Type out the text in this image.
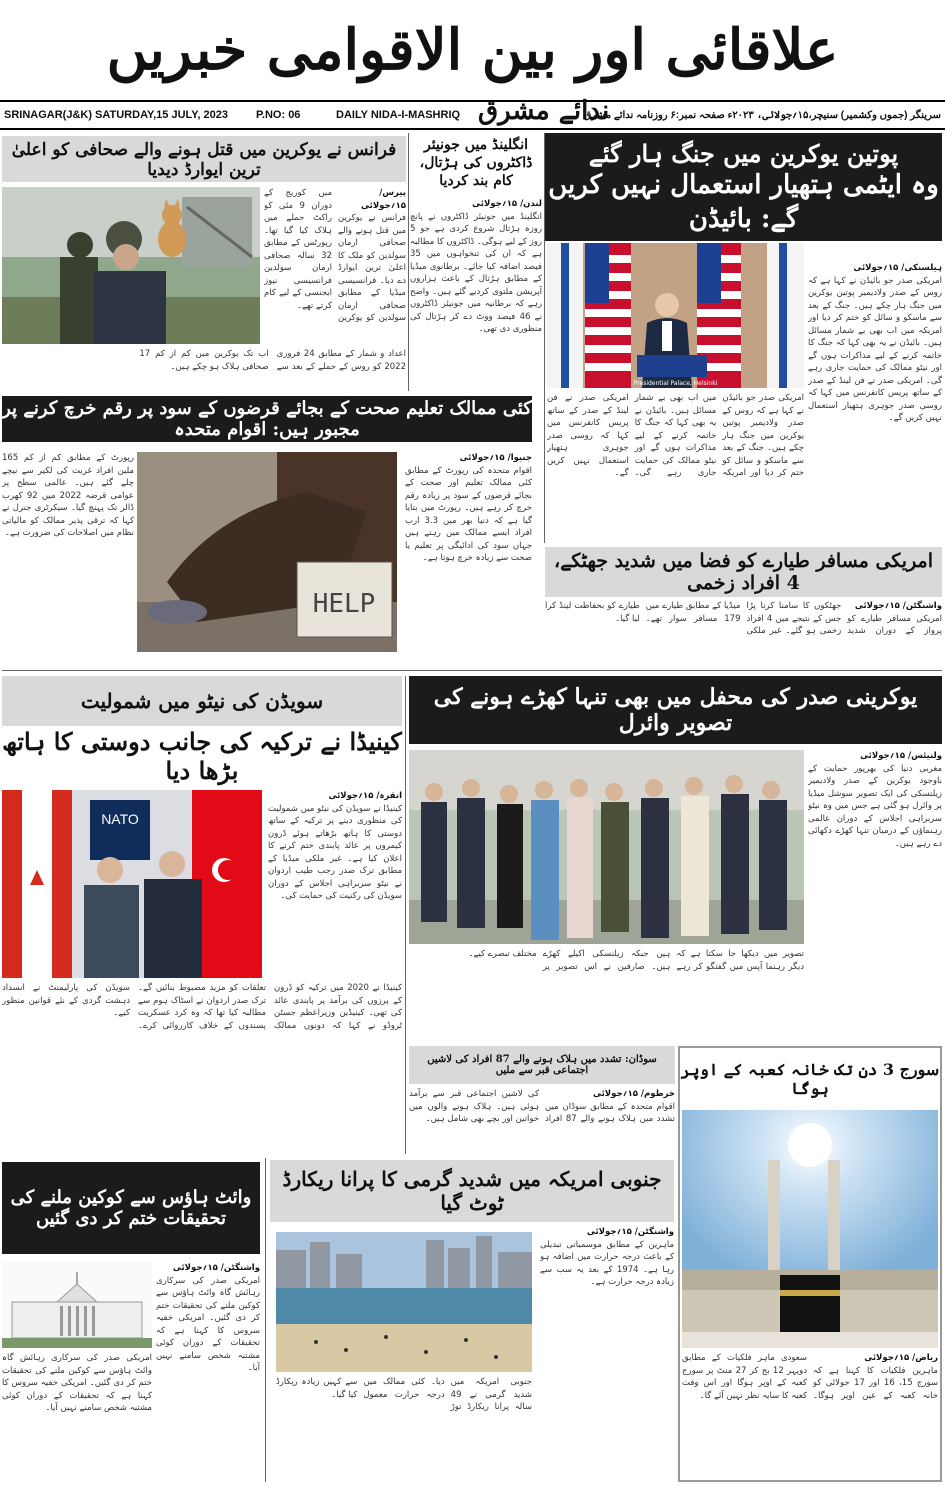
علاقائی اور بین الاقوامی خبریں
SRINAGAR(J&K) SATURDAY,15 JULY, 2023	P.NO: 06	DAILY NIDA-I-MASHRIQ ندائے مشرق
سرینگر (جموں وکشمیر) سنیچر،۱۵؍جولائی، ۲۰۲۳ء صفحہ نمبر:۶ روزنامہ ندائے مشرق
پوتین یوکرین میں جنگ ہار گئے
وہ ایٹمی ہتھیار استعمال نہیں کریں گے: بائیڈن
Presidential Palace, Helsinki
ہیلسنکی/ ۱۵؍جولائی
امریکی صدر جو بائیڈن نے کہا ہے کہ روس کے صدر ولادیمیر پوتین یوکرین میں جنگ ہار چکے ہیں۔ جنگ کے بعد سے ماسکو و سائل کو ختم کر دیا اور امریکہ میں اب بھی بے شمار مسائل ہیں۔ بائیڈن نے یہ بھی کہا کہ جنگ کا خاتمہ کرنے کے لیے مذاکرات ہوں گے اور نیٹو ممالک کی حمایت جاری رہے گی۔ امریکی صدر نے فن لینڈ کے صدر کے ساتھ پریس کانفرنس میں کہا کہ روسی صدر جوہری ہتھیار استعمال نہیں کریں گے۔
امریکی صدر جو بائیڈن نے کہا ہے کہ روس کے صدر ولادیمیر پوتین یوکرین میں جنگ ہار چکے ہیں۔ جنگ کے بعد سے ماسکو و سائل کو ختم کر دیا اور امریکہ میں اب بھی بے شمار مسائل ہیں۔ بائیڈن نے یہ بھی کہا کہ جنگ کا خاتمہ کرنے کے لیے مذاکرات ہوں گے اور نیٹو ممالک کی حمایت جاری رہے گی۔ امریکی صدر نے فن لینڈ کے صدر کے ساتھ پریس کانفرنس میں کہا کہ روسی صدر جوہری ہتھیار استعمال نہیں کریں گے۔
انگلینڈ میں جونیئر ڈاکٹروں کی ہڑتال، کام بند کردیا
لندن/ ۱۵؍جولائی
انگلینڈ میں جونیئر ڈاکٹروں نے پانچ روزہ ہڑتال شروع کردی ہے جو 5 روز کے لیے ہوگی۔ ڈاکٹروں کا مطالبہ ہے کہ ان کی تنخواہوں میں 35 فیصد اضافہ کیا جائے۔ برطانوی میڈیا کے مطابق ہڑتال کے باعث ہزاروں آپریشن ملتوی کردیے گئے ہیں۔ واضح رہے کہ برطانیہ میں جونیئر ڈاکٹروں نے 46 فیصد ووٹ دے کر ہڑتال کی منظوری دی تھی۔
فرانس نے یوکرین میں قتل ہونے والے صحافی کو اعلیٰ ترین ایوارڈ دیدیا
پیرس/ ۱۵؍جولائی
فرانس نے یوکرین میں قتل ہونے والے صحافی ارمان سولدین کو ملک کا اعلیٰ ترین ایوارڈ دے دیا۔ فرانسیسی میڈیا کے مطابق صحافی ارمان سولدین کو یوکرین میں کوریج کے دوران 9 مئی کو راکٹ حملے میں ہلاک کیا گیا تھا۔ رپورٹس کے مطابق 32 سالہ صحافی ارمان سولدین فرانسیسی نیوز ایجنسی کے لیے کام کرتے تھے۔
اعداد و شمار کے مطابق 24 فروری 2022 کو روس کے حملے کے بعد سے اب تک یوکرین میں کم از کم 17 صحافی ہلاک ہو چکے ہیں۔
کئی ممالک تعلیم صحت کے بجائے قرضوں کے سود پر رقم خرچ کرنے پر مجبور ہیں: اقوام متحدہ
HELP
جنیوا/ ۱۵؍جولائی
اقوام متحدہ کی رپورٹ کے مطابق کئی ممالک تعلیم اور صحت کے بجائے قرضوں کے سود پر زیادہ رقم خرچ کر رہے ہیں۔ رپورٹ میں بتایا گیا ہے کہ دنیا بھر میں 3.3 ارب افراد ایسے ممالک میں رہتے ہیں جہاں سود کی ادائیگی پر تعلیم یا صحت سے زیادہ خرچ ہوتا ہے۔
رپورٹ کے مطابق کم از کم 165 ملین افراد غربت کی لکیر سے نیچے چلے گئے ہیں۔ عالمی سطح پر عوامی قرضہ 2022 میں 92 کھرب ڈالر تک پہنچ گیا۔ سیکرٹری جنرل نے کہا کہ ترقی پذیر ممالک کو مالیاتی نظام میں اصلاحات کی ضرورت ہے۔
امریکی مسافر طیارے کو فضا میں شدید جھٹکے، 4 افراد زخمی
واشنگٹن/ ۱۵؍جولائی
امریکی مسافر طیارے کو پرواز کے دوران شدید جھٹکوں کا سامنا کرنا پڑا جس کے نتیجے میں 4 افراد زخمی ہو گئے۔ غیر ملکی میڈیا کے مطابق طیارے میں 179 مسافر سوار تھے۔ طیارے کو بحفاظت لینڈ کرا لیا گیا۔
سویڈن کی نیٹو میں شمولیت
کینیڈا نے ترکیہ کی جانب دوستی کا ہاتھ بڑھا دیا
NATO
انقرہ/ ۱۵؍جولائی
کینیڈا نے سویڈن کی نیٹو میں شمولیت کی منظوری دینے پر ترکیہ کے ساتھ دوستی کا ہاتھ بڑھاتے ہوئے ڈرون کیمروں پر عائد پابندی ختم کرنے کا اعلان کیا ہے۔ غیر ملکی میڈیا کے مطابق ترک صدر رجب طیب اردوان نے نیٹو سربراہی اجلاس کے دوران سویڈن کی رکنیت کی حمایت کی۔
کینیڈا نے 2020 میں ترکیہ کو ڈرون کے پرزوں کی برآمد پر پابندی عائد کی تھی۔ کینیڈین وزیراعظم جسٹن ٹروڈو نے کہا کہ دونوں ممالک تعلقات کو مزید مضبوط بنائیں گے۔ ترک صدر اردوان نے اسٹاک ہوم سے مطالبہ کیا تھا کہ وہ کرد عسکریت پسندوں کے خلاف کارروائی کرے۔ سویڈن کی پارلیمنٹ نے انسداد دہشت گردی کے نئے قوانین منظور کیے۔
یوکرینی صدر کی محفل میں بھی تنہا کھڑے ہونے کی تصویر وائرل
ولنیئس/ ۱۵؍جولائی
مغربی دنیا کی بھرپور حمایت کے باوجود یوکرین کے صدر ولادیمیر زیلنسکی کی ایک تصویر سوشل میڈیا پر وائرل ہو گئی ہے جس میں وہ نیٹو سربراہی اجلاس کے دوران عالمی رہنماؤں کے درمیان تنہا کھڑے دکھائی دے رہے ہیں۔
تصویر میں دیکھا جا سکتا ہے کہ دیگر رہنما آپس میں گفتگو کر رہے ہیں جبکہ زیلنسکی اکیلے کھڑے ہیں۔ صارفین نے اس تصویر پر مختلف تبصرے کیے۔
سوڈان: تشدد میں ہلاک ہونے والے 87 افراد کی لاشیں اجتماعی قبر سے ملیں
خرطوم/ ۱۵؍جولائی
اقوام متحدہ کے مطابق سوڈان میں تشدد میں ہلاک ہونے والے 87 افراد کی لاشیں اجتماعی قبر سے برآمد ہوئی ہیں۔ ہلاک ہونے والوں میں خواتین اور بچے بھی شامل ہیں۔
سورج 3 دن تک خانہ کعبہ کے اوپر ہوگا
ریاض/ ۱۵؍جولائی
ماہرین فلکیات کا کہنا ہے کہ سورج 15، 16 اور 17 جولائی کو خانہ کعبہ کے عین اوپر ہوگا۔ سعودی ماہر فلکیات کے مطابق دوپہر 12 بج کر 27 منٹ پر سورج کعبہ کے اوپر ہوگا اور اس وقت کعبہ کا سایہ نظر نہیں آئے گا۔
وائٹ ہاؤس سے کوکین ملنے کی تحقیقات ختم کر دی گئیں
واشنگٹن/ ۱۵؍جولائی
امریکی صدر کی سرکاری رہائش گاہ وائٹ ہاؤس سے کوکین ملنے کی تحقیقات ختم کر دی گئیں۔ امریکی خفیہ سروس کا کہنا ہے کہ تحقیقات کے دوران کوئی مشتبہ شخص سامنے نہیں آیا۔
امریکی صدر کی سرکاری رہائش گاہ وائٹ ہاؤس سے کوکین ملنے کی تحقیقات ختم کر دی گئیں۔ امریکی خفیہ سروس کا کہنا ہے کہ تحقیقات کے دوران کوئی مشتبہ شخص سامنے نہیں آیا۔
جنوبی امریکہ میں شدید گرمی کا پرانا ریکارڈ ٹوٹ گیا
جنوبی امریکہ میں شدید گرمی نے 49 سالہ پرانا ریکارڈ توڑ دیا۔ کئی ممالک میں درجہ حرارت معمول سے کہیں زیادہ ریکارڈ کیا گیا۔
واشنگٹن/ ۱۵؍جولائی
ماہرین کے مطابق موسمیاتی تبدیلی کے باعث درجہ حرارت میں اضافہ ہو رہا ہے۔ 1974 کے بعد یہ سب سے زیادہ درجہ حرارت ہے۔
